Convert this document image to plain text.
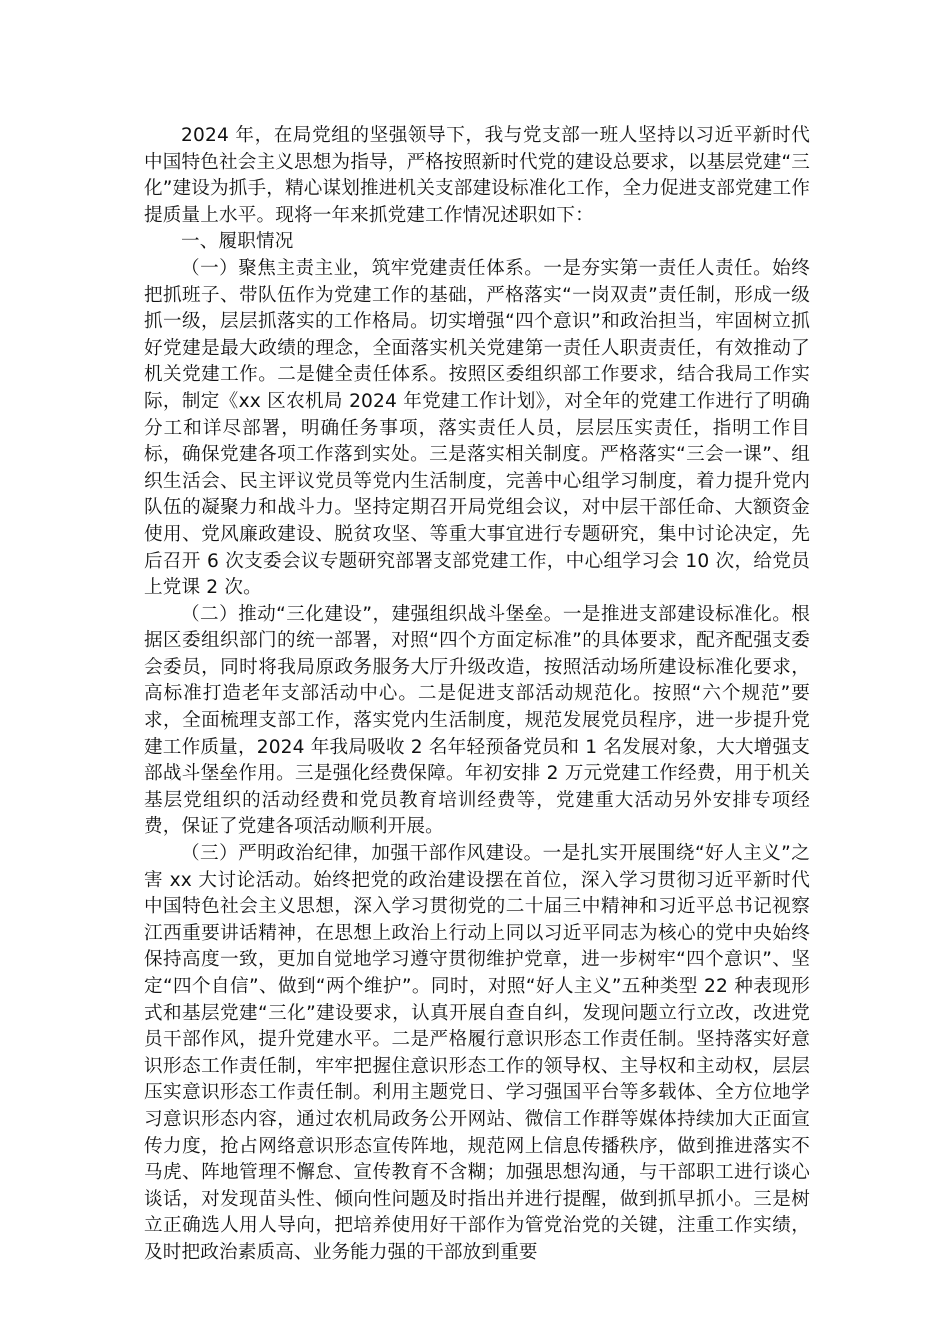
2024 年，在局党组的坚强领导下，我与党支部一班人坚持以习近平新时代中国特色社会主义思想为指导，严格按照新时代党的建设总要求，以基层党建“三化”建设为抓手，精心谋划推进机关支部建设标准化工作，全力促进支部党建工作提质量上水平。现将一年来抓党建工作情况述职如下：

一、履职情况

（一）聚焦主责主业，筑牢党建责任体系。一是夯实第一责任人责任。始终把抓班子、带队伍作为党建工作的基础，严格落实“一岗双责”责任制，形成一级抓一级，层层抓落实的工作格局。切实增强“四个意识”和政治担当，牢固树立抓好党建是最大政绩的理念，全面落实机关党建第一责任人职责责任，有效推动了机关党建工作。二是健全责任体系。按照区委组织部工作要求，结合我局工作实际，制定《xx 区农机局 2024 年党建工作计划》，对全年的党建工作进行了明确分工和详尽部署，明确任务事项，落实责任人员，层层压实责任，指明工作目标，确保党建各项工作落到实处。三是落实相关制度。严格落实“三会一课”、组织生活会、民主评议党员等党内生活制度，完善中心组学习制度，着力提升党内队伍的凝聚力和战斗力。坚持定期召开局党组会议，对中层干部任命、大额资金使用、党风廉政建设、脱贫攻坚、等重大事宜进行专题研究，集中讨论决定，先后召开 6 次支委会议专题研究部署支部党建工作，中心组学习会 10 次，给党员上党课 2 次。

（二）推动“三化建设”，建强组织战斗堡垒。一是推进支部建设标准化。根据区委组织部门的统一部署，对照“四个方面定标准”的具体要求，配齐配强支委会委员，同时将我局原政务服务大厅升级改造，按照活动场所建设标准化要求，高标准打造老年支部活动中心。二是促进支部活动规范化。按照“六个规范”要求，全面梳理支部工作，落实党内生活制度，规范发展党员程序，进一步提升党建工作质量，2024 年我局吸收 2 名年轻预备党员和 1 名发展对象，大大增强支部战斗堡垒作用。三是强化经费保障。年初安排 2 万元党建工作经费，用于机关基层党组织的活动经费和党员教育培训经费等，党建重大活动另外安排专项经费，保证了党建各项活动顺利开展。

（三）严明政治纪律，加强干部作风建设。一是扎实开展围绕“好人主义”之害 xx 大讨论活动。始终把党的政治建设摆在首位，深入学习贯彻习近平新时代中国特色社会主义思想，深入学习贯彻党的二十届三中精神和习近平总书记视察江西重要讲话精神，在思想上政治上行动上同以习近平同志为核心的党中央始终保持高度一致，更加自觉地学习遵守贯彻维护党章，进一步树牢“四个意识”、坚定“四个自信”、做到“两个维护”。同时，对照“好人主义”五种类型 22 种表现形式和基层党建“三化”建设要求，认真开展自查自纠，发现问题立行立改，改进党员干部作风，提升党建水平。二是严格履行意识形态工作责任制。坚持落实好意识形态工作责任制，牢牢把握住意识形态工作的领导权、主导权和主动权，层层压实意识形态工作责任制。利用主题党日、学习强国平台等多载体、全方位地学习意识形态内容，通过农机局政务公开网站、微信工作群等媒体持续加大正面宣传力度，抢占网络意识形态宣传阵地，规范网上信息传播秩序，做到推进落实不马虎、阵地管理不懈怠、宣传教育不含糊；加强思想沟通，与干部职工进行谈心谈话，对发现苗头性、倾向性问题及时指出并进行提醒，做到抓早抓小。三是树立正确选人用人导向，把培养使用好干部作为管党治党的关键，注重工作实绩，及时把政治素质高、业务能力强的干部放到重要
